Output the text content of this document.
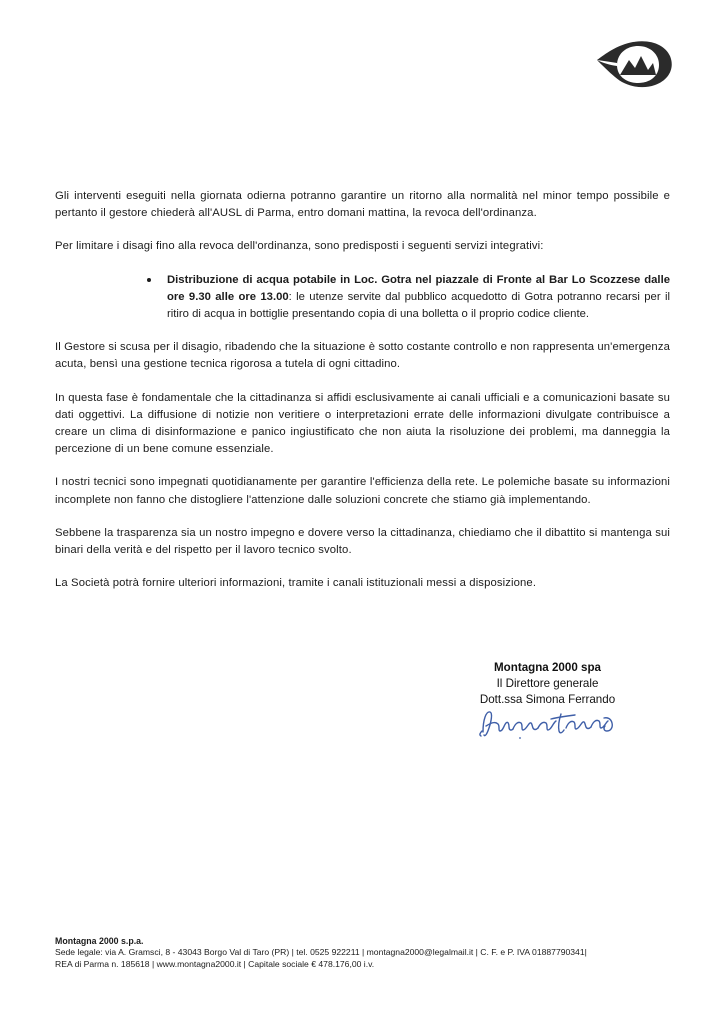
Gli interventi eseguiti nella giornata odierna potranno garantire un ritorno alla normalità nel minor tempo possibile e pertanto il gestore chiederà all'AUSL di Parma, entro domani mattina, la revoca dell'ordinanza.

Per limitare i disagi fino alla revoca dell'ordinanza, sono predisposti i seguenti servizi integrativi:

Distribuzione di acqua potabile in Loc. Gotra nel piazzale di Fronte al Bar Lo Scozzese dalle ore 9.30 alle ore 13.00: le utenze servite dal pubblico acquedotto di Gotra potranno recarsi per il ritiro di acqua in bottiglie presentando copia di una bolletta o il proprio codice cliente.

Il Gestore si scusa per il disagio, ribadendo che la situazione è sotto costante controllo e non rappresenta un'emergenza acuta, bensì una gestione tecnica rigorosa a tutela di ogni cittadino.

In questa fase è fondamentale che la cittadinanza si affidi esclusivamente ai canali ufficiali e a comunicazioni basate su dati oggettivi. La diffusione di notizie non veritiere o interpretazioni errate delle informazioni divulgate contribuisce a creare un clima di disinformazione e panico ingiustificato che non aiuta la risoluzione dei problemi, ma danneggia la percezione di un bene comune essenziale.

I nostri tecnici sono impegnati quotidianamente per garantire l'efficienza della rete. Le polemiche basate su informazioni incomplete non fanno che distogliere l'attenzione dalle soluzioni concrete che stiamo già implementando.

Sebbene la trasparenza sia un nostro impegno e dovere verso la cittadinanza, chiediamo che il dibattito si mantenga sui binari della verità e del rispetto per il lavoro tecnico svolto.

La Società potrà fornire ulteriori informazioni, tramite i canali istituzionali messi a disposizione.

Montagna 2000 spa
Il Direttore generale
Dott.ssa Simona Ferrando
Montagna 2000 s.p.a.
Sede legale: via A. Gramsci, 8 - 43043 Borgo Val di Taro (PR) | tel. 0525 922211 | montagna2000@legalmail.it | C. F. e P. IVA 01887790341|
REA di Parma n. 185618 | www.montagna2000.it | Capitale sociale € 478.176,00 i.v.
